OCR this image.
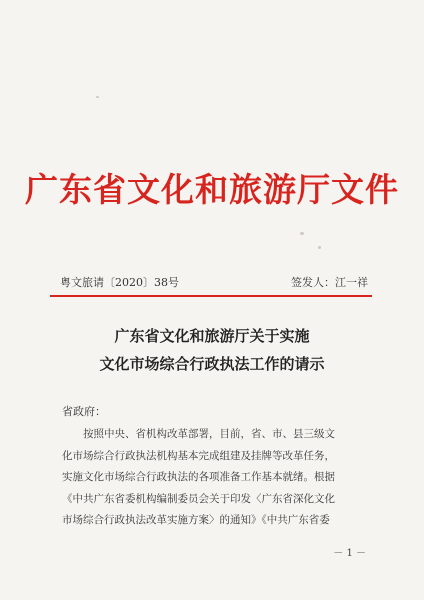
广东省文化和旅游厅文件
粤文旅请〔2020〕38号	签发人：江一祥
广东省文化和旅游厅关于实施
文化市场综合行政执法工作的请示
省政府：
　　按照中央、省机构改革部署，目前，省、市、县三级文
化市场综合行政执法机构基本完成组建及挂牌等改革任务，
实施文化市场综合行政执法的各项准备工作基本就绪。根据
《中共广东省委机构编制委员会关于印发〈广东省深化文化
市场综合行政执法改革实施方案〉的通知》《中共广东省委
－ 1 －
